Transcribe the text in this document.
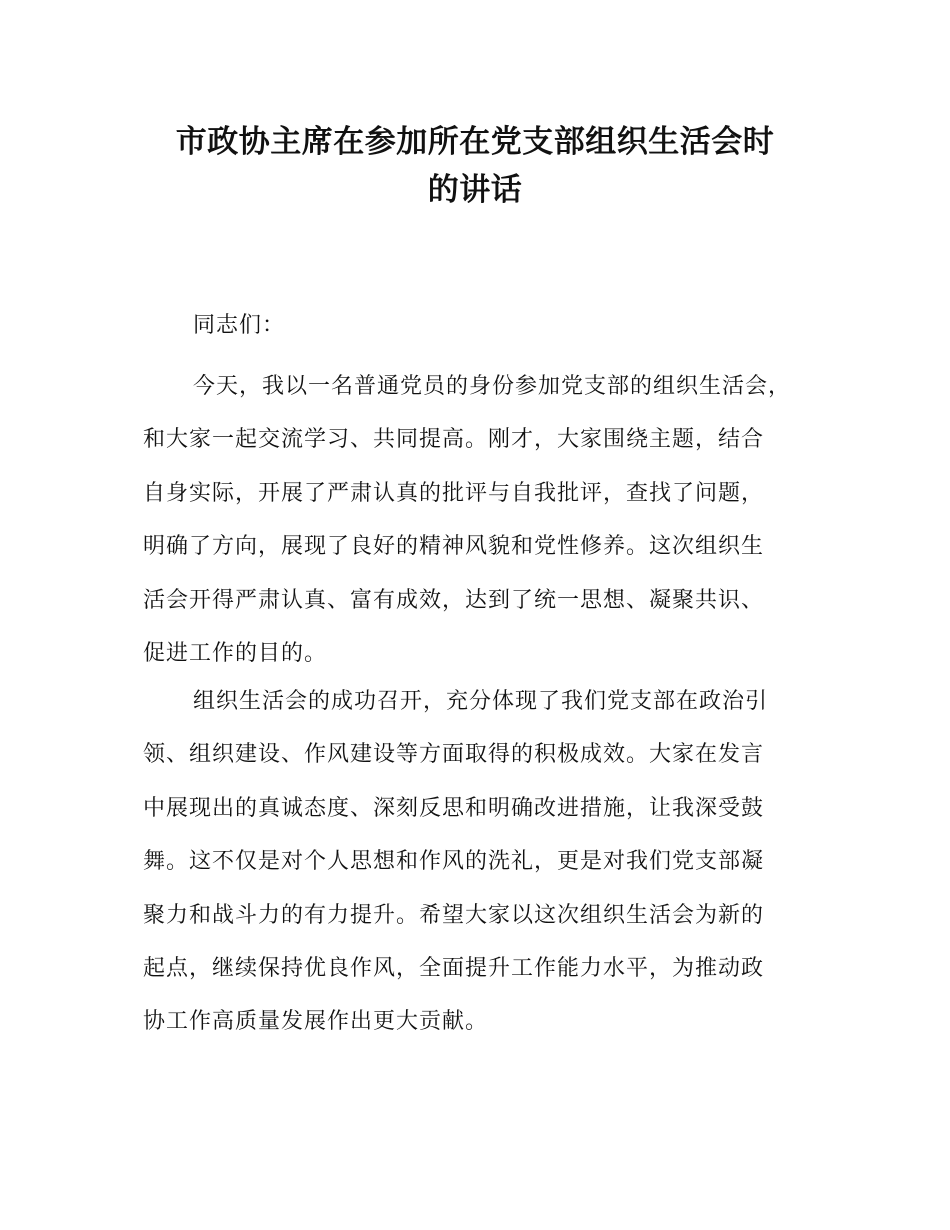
市政协主席在参加所在党支部组织生活会时
的讲话
同志们：
今天，我以一名普通党员的身份参加党支部的组织生活会，
和大家一起交流学习、共同提高。刚才，大家围绕主题，结合
自身实际，开展了严肃认真的批评与自我批评，查找了问题，
明确了方向，展现了良好的精神风貌和党性修养。这次组织生
活会开得严肃认真、富有成效，达到了统一思想、凝聚共识、
促进工作的目的。
组织生活会的成功召开，充分体现了我们党支部在政治引
领、组织建设、作风建设等方面取得的积极成效。大家在发言
中展现出的真诚态度、深刻反思和明确改进措施，让我深受鼓
舞。这不仅是对个人思想和作风的洗礼，更是对我们党支部凝
聚力和战斗力的有力提升。希望大家以这次组织生活会为新的
起点，继续保持优良作风，全面提升工作能力水平，为推动政
协工作高质量发展作出更大贡献。
